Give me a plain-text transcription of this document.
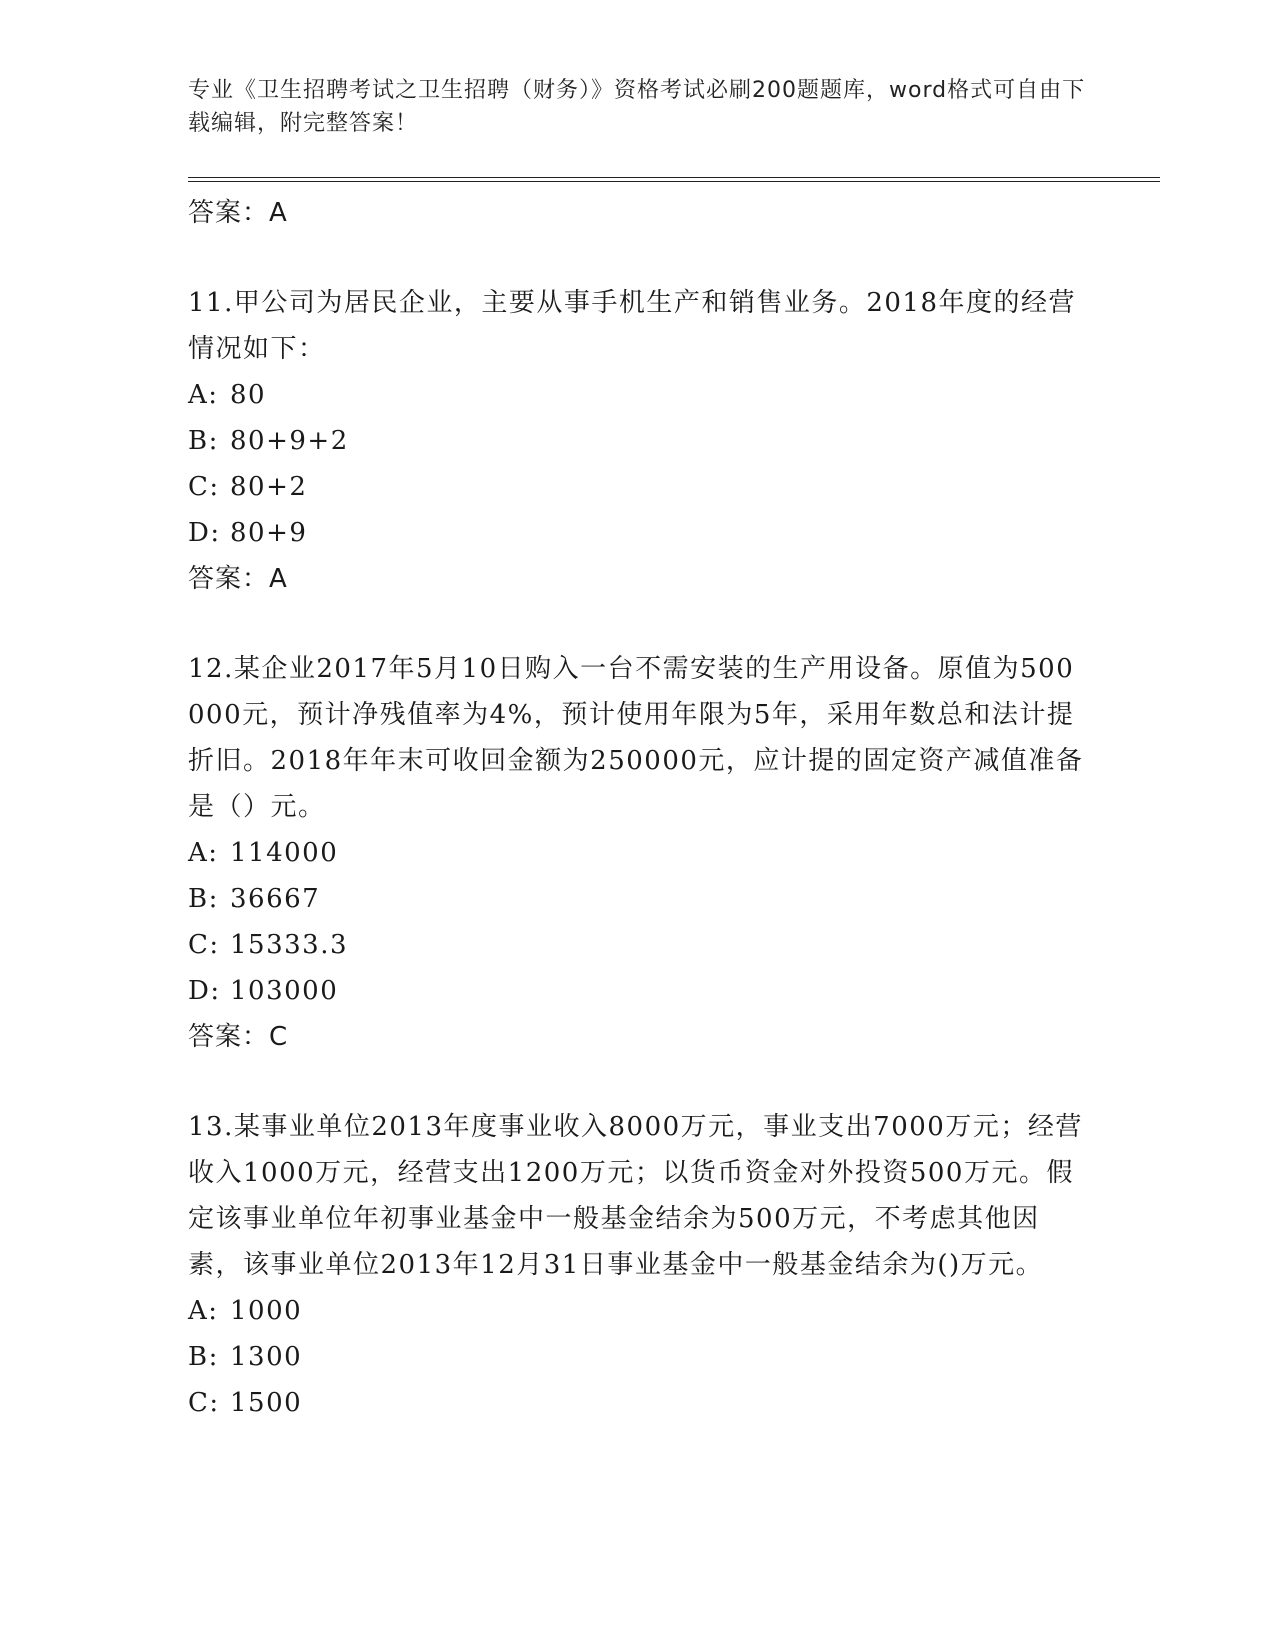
专业《卫生招聘考试之卫生招聘（财务）》资格考试必刷200题题库，word格式可自由下载编辑，附完整答案！
答案：A

11.甲公司为居民企业，主要从事手机生产和销售业务。2018年度的经营情况如下：

A: 80
B: 80+9+2
C: 80+2
D: 80+9
答案：A

12.某企业2017年5月10日购入一台不需安装的生产用设备。原值为500000元，预计净残值率为4%，预计使用年限为5年，采用年数总和法计提折旧。2018年年末可收回金额为250000元，应计提的固定资产减值准备是（）元。

A: 114000
B: 36667
C: 15333.3
D: 103000
答案：C

13.某事业单位2013年度事业收入8000万元，事业支出7000万元；经营收入1000万元，经营支出1200万元；以货币资金对外投资500万元。假定该事业单位年初事业基金中一般基金结余为500万元，不考虑其他因素，该事业单位2013年12月31日事业基金中一般基金结余为()万元。

A: 1000
B: 1300
C: 1500
